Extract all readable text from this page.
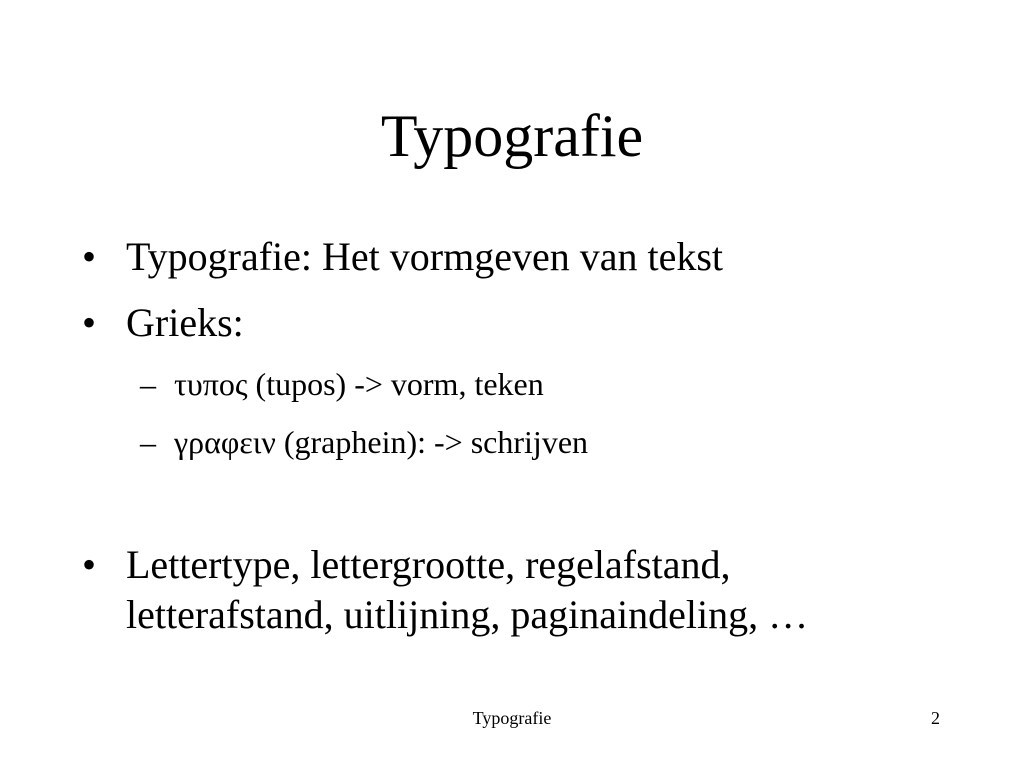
Typografie
• Typografie: Het vormgeven van tekst
• Grieks:
– τυπος (tupos) -> vorm, teken
– γραφειν (graphein): -> schrijven
• Lettertype, lettergrootte, regelafstand, letterafstand, uitlijning, paginaindeling, …
Typografie	2
